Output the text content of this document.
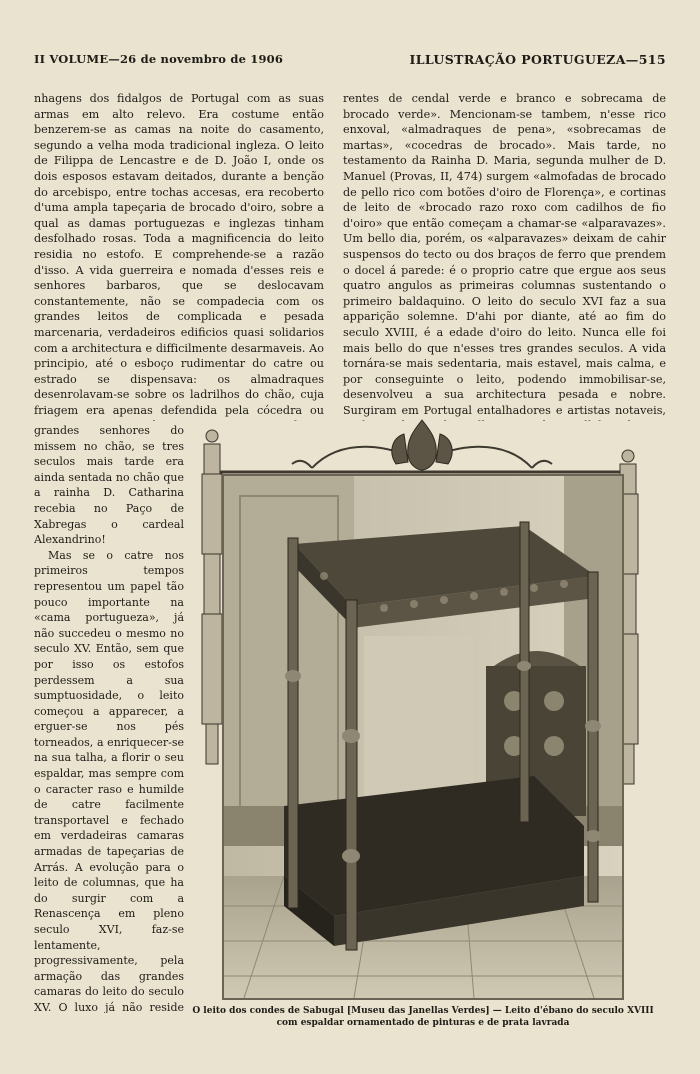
II VOLUME—26 de novembro de 1906	ILLUSTRAÇÃO PORTUGUEZA—515

nhagens dos fidalgos de Portugal com as suas armas em alto relevo. Era costume então benzerem-se as camas na noite do casamento, segundo a velha moda tradicional ingleza. O leito de Filippa de Lencastre e de D. João I, onde os dois esposos estavam deitados, durante a benção do arcebispo, entre tochas accesas, era recoberto d'uma ampla tapeçaria de brocado d'oiro, sobre a qual as damas portuguezas e inglezas tinham desfolhado rosas. Toda a magnificencia do leito residia no estofo. E comprehende-se a razão d'isso. A vida guerreira e nomada d'esses reis e senhores barbaros, que se deslocavam constantemente, não se compadecia com os grandes leitos de complicada e pesada marcenaria, verdadeiros edificios quasi solidarios com a architectura e difficilmente desarmaveis. Ao principio, até o esboço rudimentar do catre ou estrado se dispensava: os almadraques desenrolavam-se sobre os ladrilhos do chão, cuja friagem era apenas defendida pela cócedra ou

rentes de cendal verde e branco e sobrecama de brocado verde». Mencionam-se tambem, n'esse rico enxoval, «almadraques de pena», «sobrecamas de martas», «cocedras de brocado». Mais tarde, no testamento da Rainha D. Maria, segunda mulher de D. Manuel (Provas, II, 474) surgem «almofadas de brocado de pello rico com botões d'oiro de Florença», e cortinas de leito de «brocado razo roxo com cadilhos de fio d'oiro» que então começam a chamar-se «alparavazes». Um bello dia, porém, os «alparavazes» deixam de cahir suspensos do tecto ou dos braços de ferro que prendem o docel á parede: é o proprio catre que ergue aos seus quatro angulos as primeiras columnas sustentando o primeiro baldaquino. O leito do seculo XVI faz a sua apparição solemne. D'ahi por diante, até ao fim do seculo XVIII, é a edade d'oiro do leito. Nunca elle foi mais bello do que n'esses tres grandes seculos. A vida tornára-se mais sedentaria, mais estavel, mais calma, e por conseguinte o leito, podendo immobilisar-se, desenvolveu a sua architectura pesada e nobre. Surgiram em Portugal entalhadores e artistas notaveis,

grandes senhores do missem no chão, se tres seculos mais tarde era ainda sentada no chão que a rainha D. Catharina recebia no Paço de Xabregas o cardeal Alexandrino!

Mas se o catre nos primeiros tempos representou um papel tão pouco importante na «cama portugueza», já não succedeu o mesmo no seculo XV. Então, sem que por isso os estofos perdessem a sua sumptuosidade, o leito começou a apparecer, a erguer-se nos pés torneados, a enriquecer-se na sua talha, a florir o seu espaldar, mas sempre com o caracter raso e humilde de catre facilmente transportavel e fechado em verdadeiras camaras armadas de tapeçarias de Arrás. A evolução para o leito de columnas, que ha do surgir com a Renascença em pleno seculo XVI, faz-se lentamente, progressivamente, pela armação das grandes camaras do leito do seculo XV. O luxo já não reside O leito dos condes de Sabugal [Museu das Janellas Verdes] — Leito d'ébano do seculo XVIII
com espaldar ornamentado de pinturas e de prata lavrada
